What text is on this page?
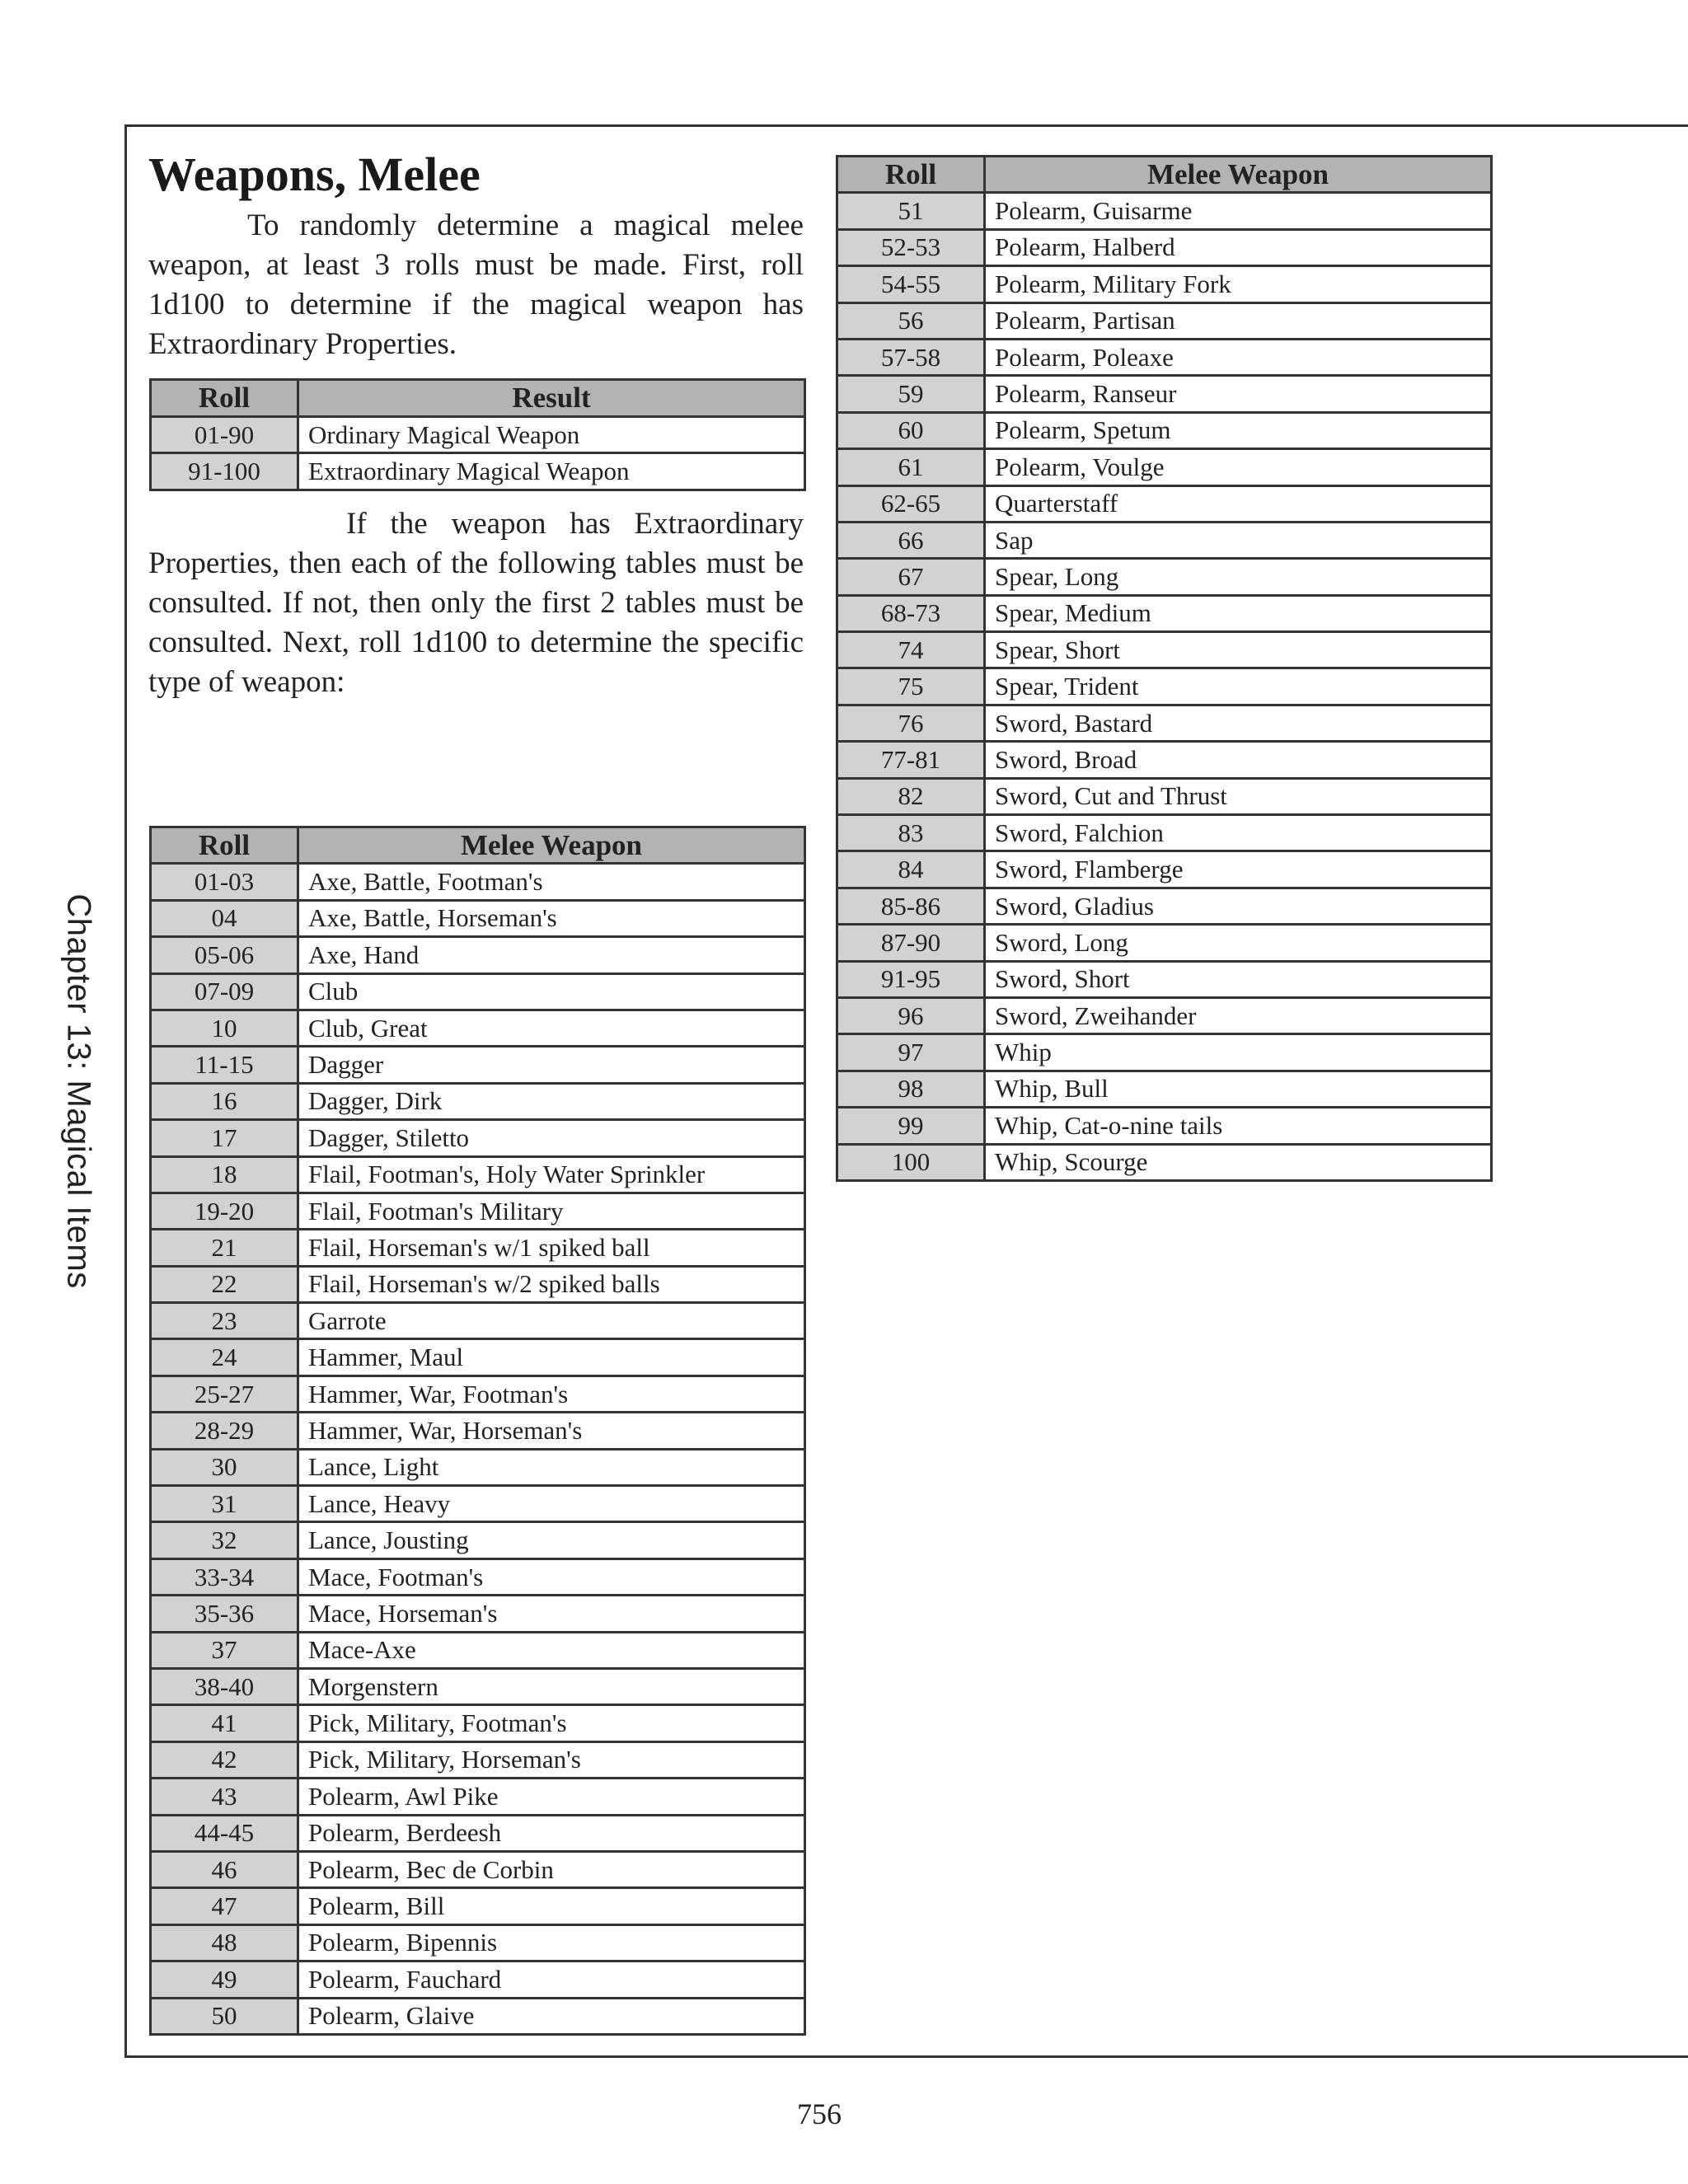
Chapter 13: Magical Items
Weapons, Melee

To randomly determine a magical melee weapon, at least 3 rolls must be made. First, roll 1d100 to determine if the magical weapon has Extraordinary Properties.

Roll	Result
01-90	Ordinary Magical Weapon
91-100	Extraordinary Magical Weapon

If the weapon has Extraordinary Properties, then each of the following tables must be consulted. If not, then only the first 2 tables must be consulted. Next, roll 1d100 to determine the specific type of weapon:

Roll	Melee Weapon
01-03	Axe, Battle, Footman's
04	Axe, Battle, Horseman's
05-06	Axe, Hand
07-09	Club
10	Club, Great
11-15	Dagger
16	Dagger, Dirk
17	Dagger, Stiletto
18	Flail, Footman's, Holy Water Sprinkler
19-20	Flail, Footman's Military
21	Flail, Horseman's w/1 spiked ball
22	Flail, Horseman's w/2 spiked balls
23	Garrote
24	Hammer, Maul
25-27	Hammer, War, Footman's
28-29	Hammer, War, Horseman's
30	Lance, Light
31	Lance, Heavy
32	Lance, Jousting
33-34	Mace, Footman's
35-36	Mace, Horseman's
37	Mace-Axe
38-40	Morgenstern
41	Pick, Military, Footman's
42	Pick, Military, Horseman's
43	Polearm, Awl Pike
44-45	Polearm, Berdeesh
46	Polearm, Bec de Corbin
47	Polearm, Bill
48	Polearm, Bipennis
49	Polearm, Fauchard
50	Polearm, Glaive
Roll	Melee Weapon
51	Polearm, Guisarme
52-53	Polearm, Halberd
54-55	Polearm, Military Fork
56	Polearm, Partisan
57-58	Polearm, Poleaxe
59	Polearm, Ranseur
60	Polearm, Spetum
61	Polearm, Voulge
62-65	Quarterstaff
66	Sap
67	Spear, Long
68-73	Spear, Medium
74	Spear, Short
75	Spear, Trident
76	Sword, Bastard
77-81	Sword, Broad
82	Sword, Cut and Thrust
83	Sword, Falchion
84	Sword, Flamberge
85-86	Sword, Gladius
87-90	Sword, Long
91-95	Sword, Short
96	Sword, Zweihander
97	Whip
98	Whip, Bull
99	Whip, Cat-o-nine tails
100	Whip, Scourge

756
